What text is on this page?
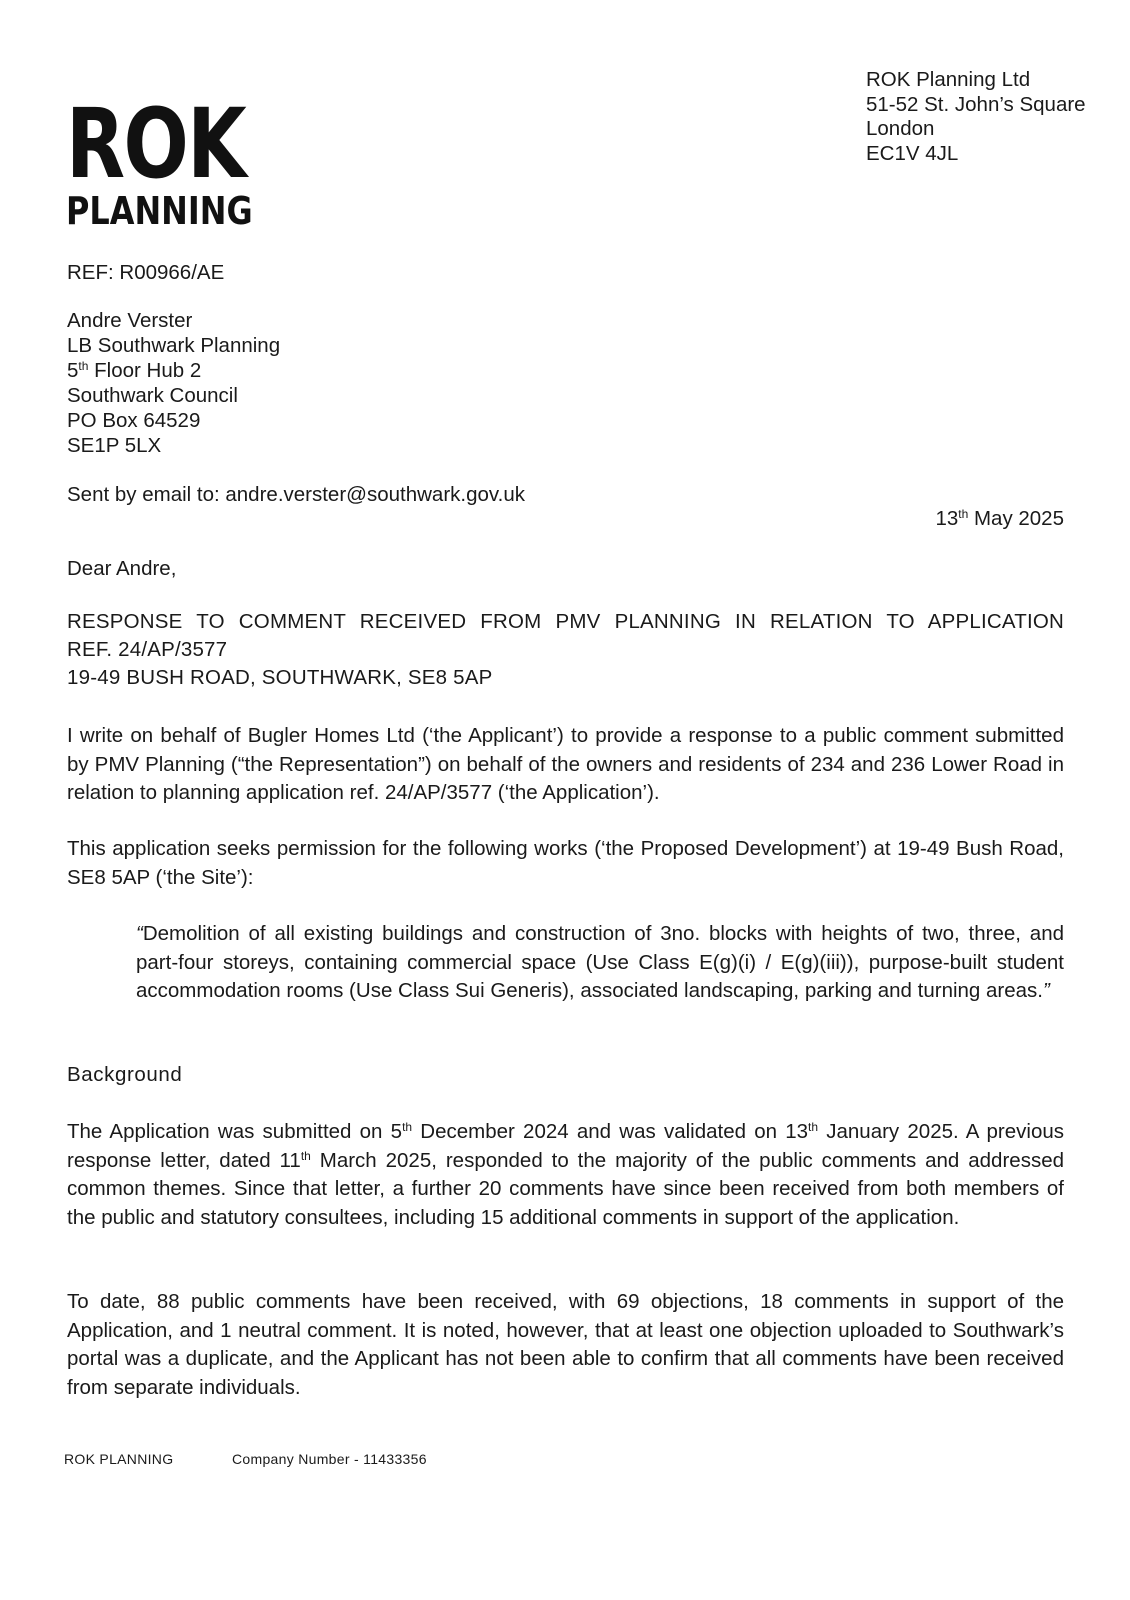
ROK
PLANNING
ROK Planning Ltd
51-52 St. John’s Square
London
EC1V 4JL
REF: R00966/AE
Andre Verster
LB Southwark Planning
5th Floor Hub 2
Southwark Council
PO Box 64529
SE1P 5LX
Sent by email to: andre.verster@southwark.gov.uk
13th May 2025
Dear Andre,
RESPONSE TO COMMENT RECEIVED FROM PMV PLANNING IN RELATION TO APPLICATION
REF. 24/AP/3577
19-49 BUSH ROAD, SOUTHWARK, SE8 5AP
I write on behalf of Bugler Homes Ltd (‘the Applicant’) to provide a response to a public comment submitted by PMV Planning (“the Representation”) on behalf of the owners and residents of 234 and 236 Lower Road in relation to planning application ref. 24/AP/3577 (‘the Application’).
This application seeks permission for the following works (‘the Proposed Development’) at 19-49 Bush Road, SE8 5AP (‘the Site’):
“Demolition of all existing buildings and construction of 3no. blocks with heights of two, three, and part-four storeys, containing commercial space (Use Class E(g)(i) / E(g)(iii)), purpose-built student accommodation rooms (Use Class Sui Generis), associated landscaping, parking and turning areas.”
Background
The Application was submitted on 5th December 2024 and was validated on 13th January 2025. A previous response letter, dated 11th March 2025, responded to the majority of the public comments and addressed common themes. Since that letter, a further 20 comments have since been received from both members of the public and statutory consultees, including 15 additional comments in support of the application.
To date, 88 public comments have been received, with 69 objections, 18 comments in support of the Application, and 1 neutral comment. It is noted, however, that at least one objection uploaded to Southwark’s portal was a duplicate, and the Applicant has not been able to confirm that all comments have been received from separate individuals.
ROK PLANNING	Company Number - 11433356
